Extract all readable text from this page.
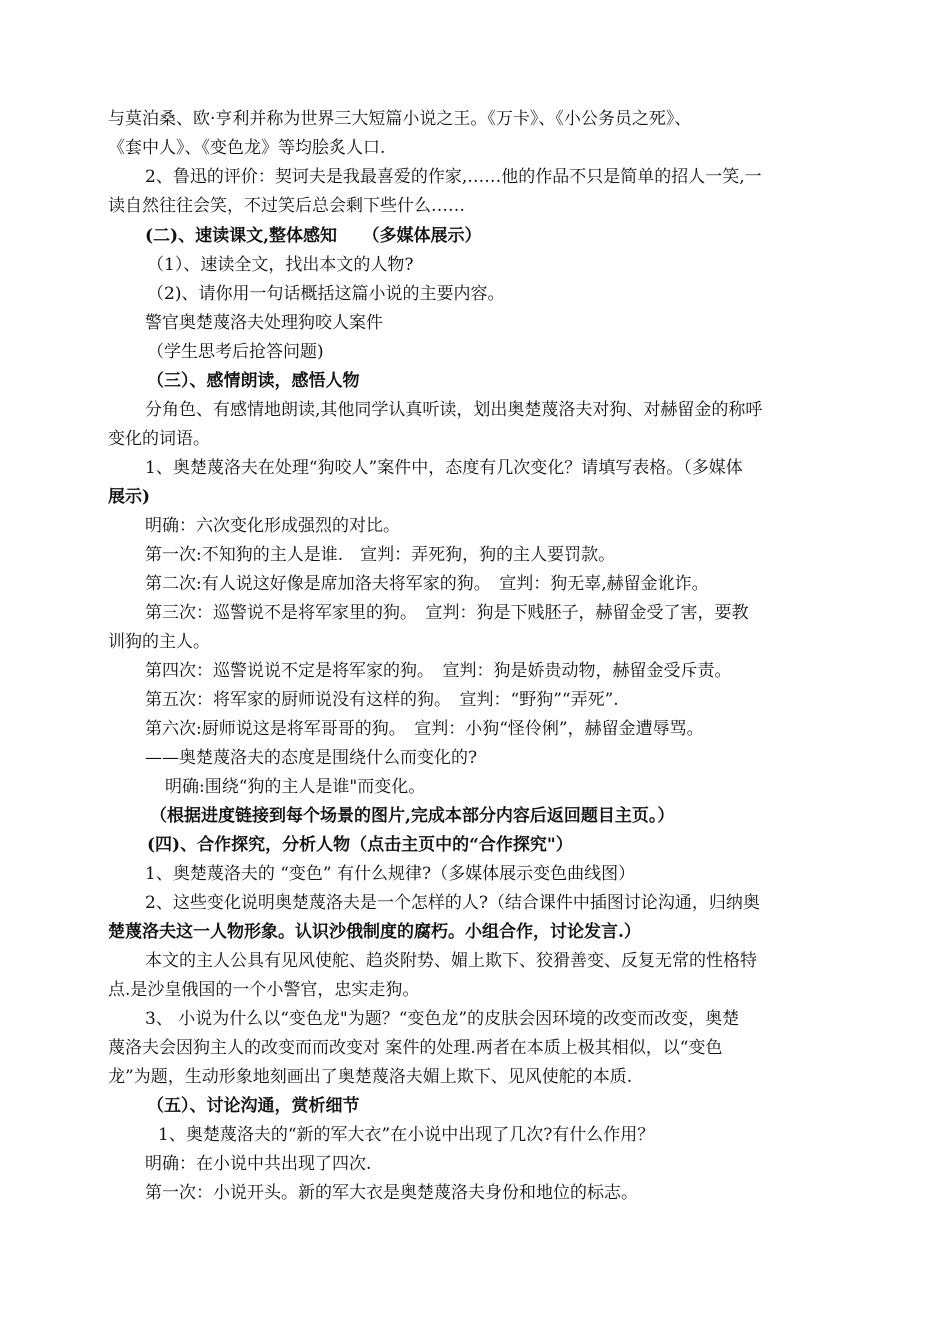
与莫泊桑、欧·亨利并称为世界三大短篇小说之王。《万卡》、《小公务员之死》、
《套中人》、《变色龙》等均脍炙人口.
2、鲁迅的评价：契诃夫是我最喜爱的作家,……他的作品不只是简单的招人一笑,一
读自然往往会笑，不过笑后总会剩下些什么……
(二)、速读课文,整体感知　　（多媒体展示）
（1）、速读全文，找出本文的人物?
（2)、请你用一句话概括这篇小说的主要内容。
警官奥楚蔑洛夫处理狗咬人案件
（学生思考后抢答问题)
（三）、感情朗读，感悟人物
分角色、有感情地朗读,其他同学认真听读，划出奥楚蔑洛夫对狗、对赫留金的称呼
变化的词语。
1、奥楚蔑洛夫在处理“狗咬人”案件中，态度有几次变化？请填写表格。（多媒体
展示)
明确：六次变化形成强烈的对比。
第一次:不知狗的主人是谁.　宣判：弄死狗，狗的主人要罚款。
第二次:有人说这好像是席加洛夫将军家的狗。　宣判：狗无辜,赫留金讹诈。
第三次：巡警说不是将军家里的狗。　宣判：狗是下贱胚子，赫留金受了害，要教
训狗的主人。
第四次：巡警说说不定是将军家的狗。　宣判：狗是娇贵动物，赫留金受斥责。
第五次：将军家的厨师说没有这样的狗。　宣判：“野狗”“弄死”.
第六次:厨师说这是将军哥哥的狗。　宣判：小狗“怪伶俐”，赫留金遭辱骂。
——奥楚蔑洛夫的态度是围绕什么而变化的?
明确:围绕“狗的主人是谁"而变化。
（根据进度链接到每个场景的图片,完成本部分内容后返回题目主页。）
(四)、合作探究，分析人物（点击主页中的“合作探究"）
1、奥楚蔑洛夫的 “变色” 有什么规律?（多媒体展示变色曲线图）
2、这些变化说明奥楚蔑洛夫是一个怎样的人?（结合课件中插图讨论沟通，归纳奥
楚蔑洛夫这一人物形象。认识沙俄制度的腐朽。小组合作，讨论发言.）
本文的主人公具有见风使舵、趋炎附势、媚上欺下、狡猾善变、反复无常的性格特
点.是沙皇俄国的一个小警官，忠实走狗。
3、 小说为什么以“变色龙"为题？“变色龙”的皮肤会因环境的改变而改变，奥楚
蔑洛夫会因狗主人的改变而而改变对 案件的处理.两者在本质上极其相似，以“变色
龙”为题，生动形象地刻画出了奥楚蔑洛夫媚上欺下、见风使舵的本质.
（五）、讨论沟通，赏析细节
1、奥楚蔑洛夫的“新的军大衣”在小说中出现了几次?有什么作用？
明确：在小说中共出现了四次.
第一次：小说开头。新的军大衣是奥楚蔑洛夫身份和地位的标志。
